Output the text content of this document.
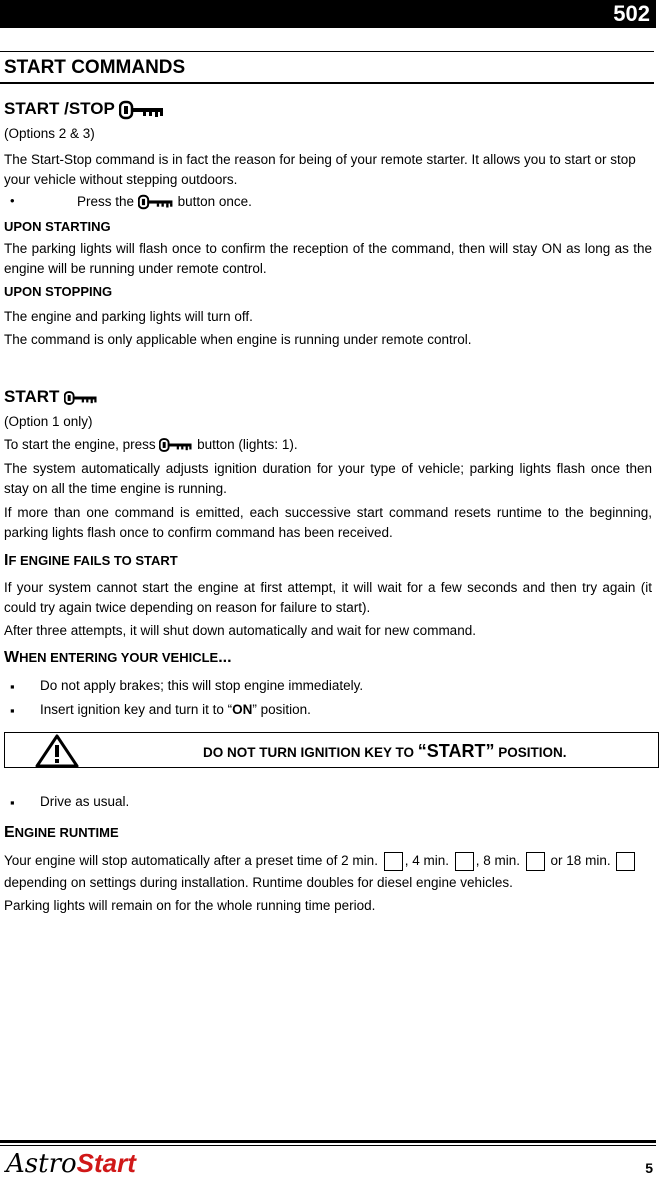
502
START COMMANDS
START /STOP
(Options 2 & 3)
The Start-Stop command is in fact the reason for being of your remote starter. It allows you to start or stop your vehicle without stepping outdoors.
•	Press the	button once.
UPON STARTING
The parking lights will flash once to confirm the reception of the command, then will stay ON as long as the engine will be running under remote control.
UPON STOPPING
The engine and parking lights will turn off.
The command is only applicable when engine is running under remote control.
START
(Option 1 only)
To start the engine, press	button (lights: 1).
The system automatically adjusts ignition duration for your type of vehicle; parking lights flash once then stay on all the time engine is running.
If more than one command is emitted, each successive start command resets runtime to the beginning, parking lights flash once to confirm command has been received.
IF ENGINE FAILS TO START
If your system cannot start the engine at first attempt, it will wait for a few seconds and then try again (it could try again twice depending on reason for failure to start).
After three attempts, it will shut down automatically and wait for new command.
WHEN ENTERING YOUR VEHICLE...
▪ Do not apply brakes; this will stop engine immediately.
▪ Insert ignition key and turn it to “ON” position.
DO NOT TURN IGNITION KEY TO “START” POSITION.
▪ Drive as usual.
ENGINE RUNTIME
Your engine will stop automatically after a preset time of 2 min. , 4 min. , 8 min. or 18 min.
depending on settings during installation. Runtime doubles for diesel engine vehicles.
Parking lights will remain on for the whole running time period.
AstroStart	5
